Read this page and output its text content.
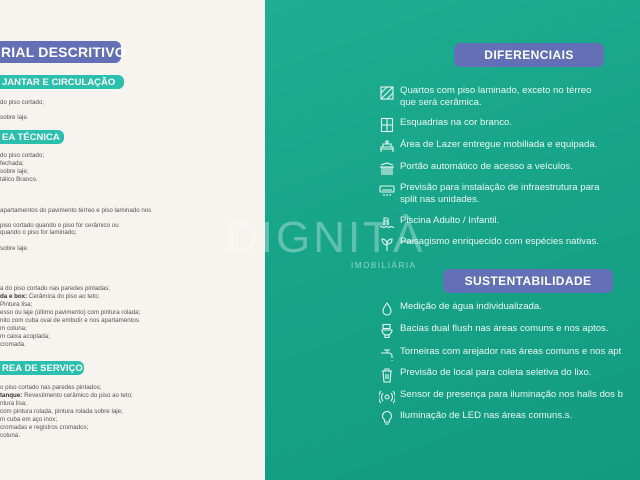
RIAL DESCRITIVO
JANTAR E CIRCULAÇÃO
do piso cortado;
sobre laje.
EA TÉCNICA
do piso cortado;
fechada;
sobre laje;
tálico Branco.
apartamentos do pavimento térreo e piso laminado nos
piso cortado quando o piso for cerâmico ou
quando o piso for laminado;
sobre laje.
a do piso cortado nas paredes pintadas;
da e box: Cerâmica do piso ao teto;
Pintura lisa;
esso ou laje (último pavimento) com pintura rolada;
nito com cuba oval de embutir e nos apartamentos
m coluna;
m caixa acoplada;
cromada.
REA DE SERVIÇO
o piso cortado nas paredes pintados;
tanque: Revestimento cerâmico do piso ao teto;
ntura lisa;
com pintura rolada, pintura rolada sobre laje;
m cuba em aço inox;
cromadas e registros cromados;
coluna.
DIFERENCIAIS
Quartos com piso laminado, exceto no térreo
que será cerâmica.
Esquadrias na cor branco.
Área de Lazer entregue mobiliada e equipada.
Portão automático de acesso a veículos.
Previsão para instalação de infraestrutura para
split nas unidades.
Piscina Adulto / Infantil.
Paisagismo enriquecido com espécies nativas.
SUSTENTABILIDADE
Medição de água individualizada.
Bacias dual flush nas áreas comuns e nos aptos.
Torneiras com arejador nas áreas comuns e nos apt
Previsão de local para coleta seletiva do lixo.
Sensor de presença para iluminação nos halls dos b
Iluminação de LED nas áreas comuns.s.
DIGNITÀ
IMOBILIÁRIA
